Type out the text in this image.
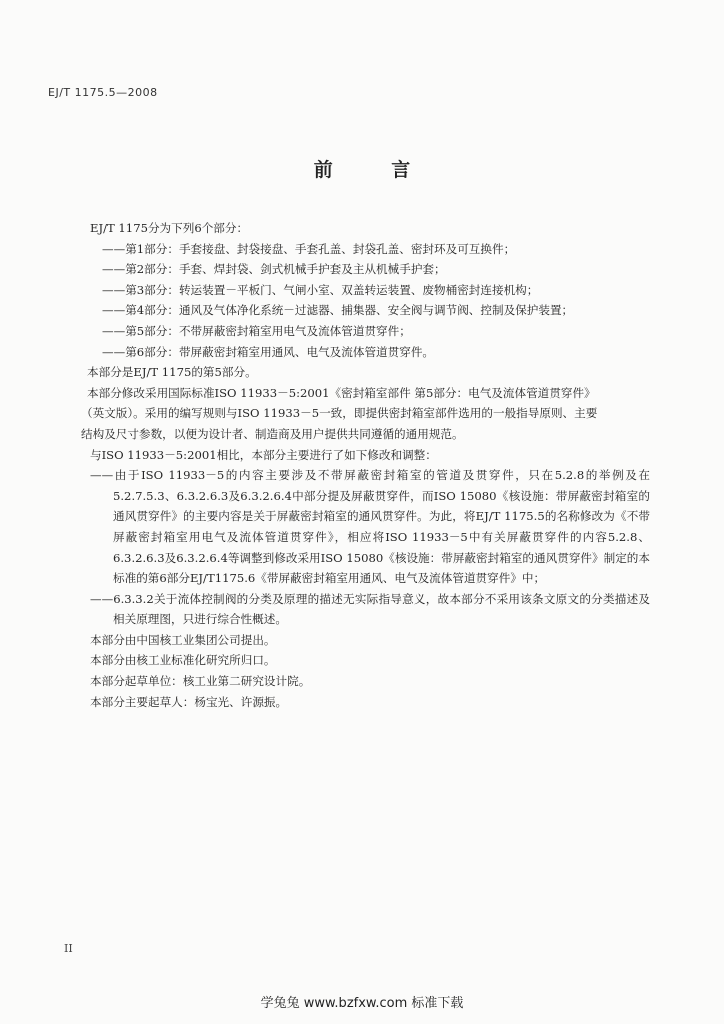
EJ/T 1175.5—2008
前 言

EJ/T 1175分为下列6个部分：

——第1部分：手套接盘、封袋接盘、手套孔盖、封袋孔盖、密封环及可互换件；

——第2部分：手套、焊封袋、剑式机械手护套及主从机械手护套；

——第3部分：转运装置－平板门、气闸小室、双盖转运装置、废物桶密封连接机构；

——第4部分：通风及气体净化系统－过滤器、捕集器、安全阀与调节阀、控制及保护装置；

——第5部分：不带屏蔽密封箱室用电气及流体管道贯穿件；

——第6部分：带屏蔽密封箱室用通风、电气及流体管道贯穿件。

本部分是EJ/T 1175的第5部分。

本部分修改采用国际标准ISO 11933－5:2001《密封箱室部件 第5部分：电气及流体管道贯穿件》

（英文版）。采用的编写规则与ISO 11933－5一致，即提供密封箱室部件选用的一般指导原则、主要

结构及尺寸参数，以便为设计者、制造商及用户提供共同遵循的通用规范。

与ISO 11933－5:2001相比，本部分主要进行了如下修改和调整：

——由于ISO 11933－5的内容主要涉及不带屏蔽密封箱室的管道及贯穿件，只在5.2.8的举例及在5.2.7.5.3、6.3.2.6.3及6.3.2.6.4中部分提及屏蔽贯穿件，而ISO 15080《核设施：带屏蔽密封箱室的通风贯穿件》的主要内容是关于屏蔽密封箱室的通风贯穿件。为此，将EJ/T 1175.5的名称修改为《不带屏蔽密封箱室用电气及流体管道贯穿件》，相应将ISO 11933－5中有关屏蔽贯穿件的内容5.2.8、6.3.2.6.3及6.3.2.6.4等调整到修改采用ISO 15080《核设施：带屏蔽密封箱室的通风贯穿件》制定的本标准的第6部分EJ/T1175.6《带屏蔽密封箱室用通风、电气及流体管道贯穿件》中；

——6.3.3.2关于流体控制阀的分类及原理的描述无实际指导意义，故本部分不采用该条文原文的分类描述及相关原理图，只进行综合性概述。

本部分由中国核工业集团公司提出。

本部分由核工业标准化研究所归口。

本部分起草单位：核工业第二研究设计院。

本部分主要起草人：杨宝光、许源振。

II
学兔兔 www.bzfxw.com 标准下载
